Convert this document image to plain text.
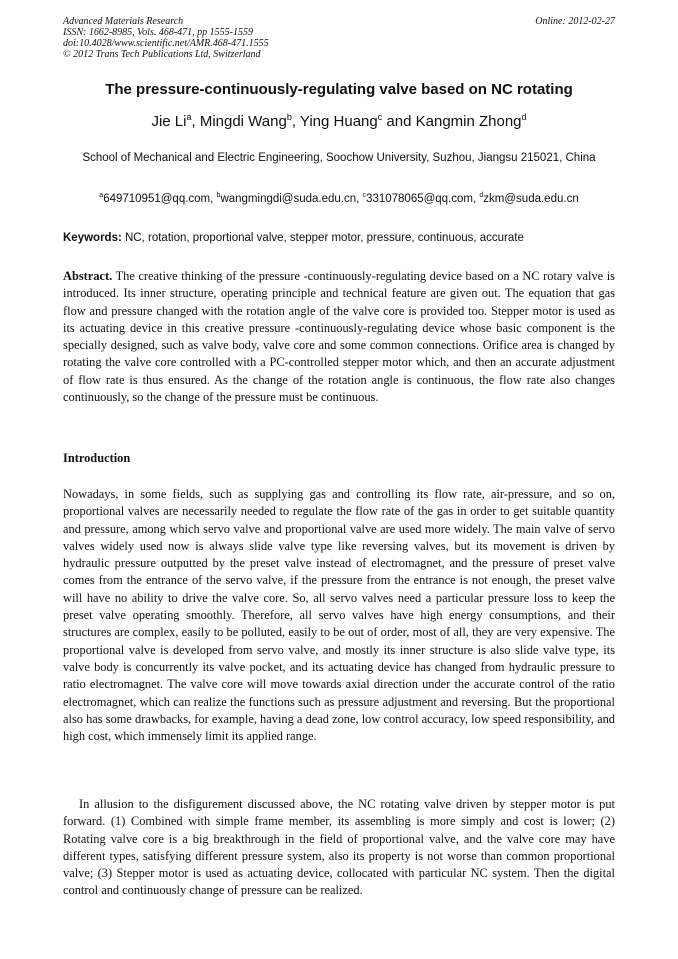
Advanced Materials Research
ISSN: 1662-8985, Vols. 468-471, pp 1555-1559
doi:10.4028/www.scientific.net/AMR.468-471.1555
© 2012 Trans Tech Publications Ltd, Switzerland
Online: 2012-02-27
The pressure-continuously-regulating valve based on NC rotating
Jie Li$^a$, Mingdi Wang$^b$, Ying Huang$^c$ and Kangmin Zhong$^d$
School of Mechanical and Electric Engineering, Soochow University, Suzhou, Jiangsu 215021, China
$^a$649710951@qq.com, $^b$wangmingdi@suda.edu.cn, $^c$331078065@qq.com, $^d$zkm@suda.edu.cn
Keywords: NC, rotation, proportional valve, stepper motor, pressure, continuous, accurate
Abstract. The creative thinking of the pressure -continuously-regulating device based on a NC rotary valve is introduced. Its inner structure, operating principle and technical feature are given out. The equation that gas flow and pressure changed with the rotation angle of the valve core is provided too. Stepper motor is used as its actuating device in this creative pressure -continuously-regulating device whose basic component is the specially designed, such as valve body, valve core and some common connections. Orifice area is changed by rotating the valve core controlled with a PC-controlled stepper motor which, and then an accurate adjustment of flow rate is thus ensured. As the change of the rotation angle is continuous, the flow rate also changes continuously, so the change of the pressure must be continuous.
Introduction
Nowadays, in some fields, such as supplying gas and controlling its flow rate, air-pressure, and so on, proportional valves are necessarily needed to regulate the flow rate of the gas in order to get suitable quantity and pressure, among which servo valve and proportional valve are used more widely. The main valve of servo valves widely used now is always slide valve type like reversing valves, but its movement is driven by hydraulic pressure outputted by the preset valve instead of electromagnet, and the pressure of preset valve comes from the entrance of the servo valve, if the pressure from the entrance is not enough, the preset valve will have no ability to drive the valve core. So, all servo valves need a particular pressure loss to keep the preset valve operating smoothly. Therefore, all servo valves have high energy consumptions, and their structures are complex, easily to be polluted, easily to be out of order, most of all, they are very expensive. The proportional valve is developed from servo valve, and mostly its inner structure is also slide valve type, its valve body is concurrently its valve pocket, and its actuating device has changed from hydraulic pressure to ratio electromagnet. The valve core will move towards axial direction under the accurate control of the ratio electromagnet, which can realize the functions such as pressure adjustment and reversing. But the proportional also has some drawbacks, for example, having a dead zone, low control accuracy, low speed responsibility, and high cost, which immensely limit its applied range.
In allusion to the disfigurement discussed above, the NC rotating valve driven by stepper motor is put forward. (1) Combined with simple frame member, its assembling is more simply and cost is lower; (2) Rotating valve core is a big breakthrough in the field of proportional valve, and the valve core may have different types, satisfying different pressure system, also its property is not worse than common proportional valve; (3) Stepper motor is used as actuating device, collocated with particular NC system. Then the digital control and continuously change of pressure can be realized.
